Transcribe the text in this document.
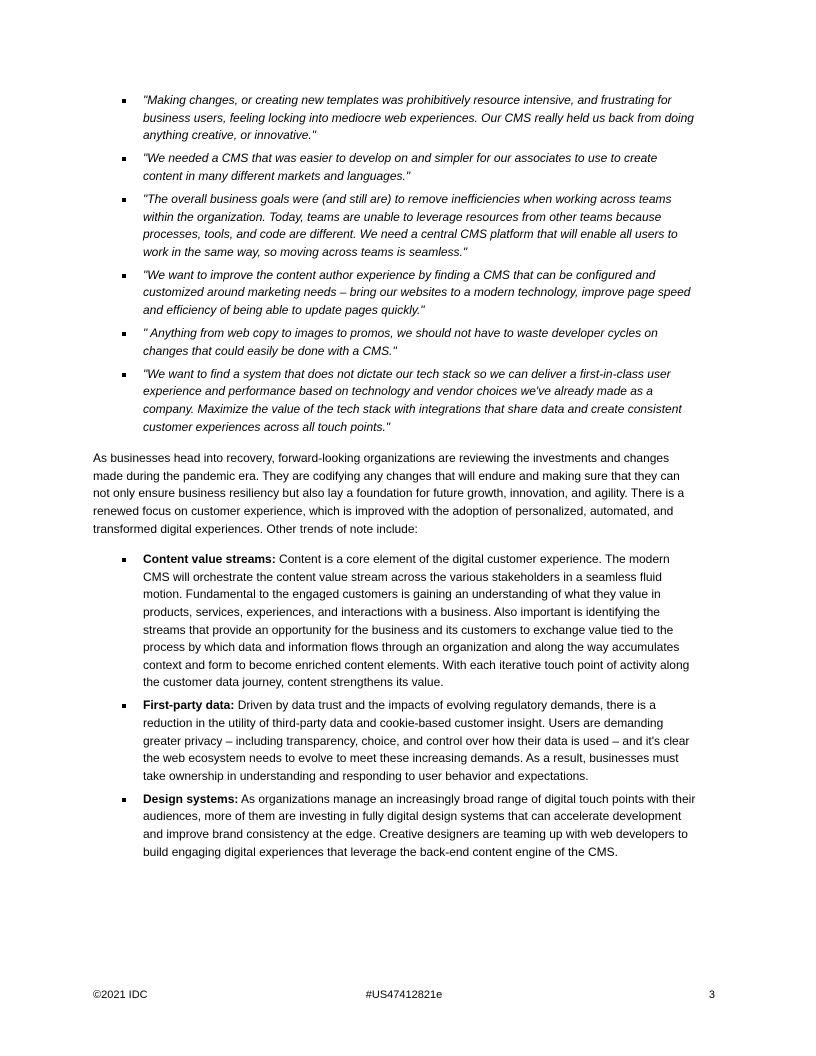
"Making changes, or creating new templates was prohibitively resource intensive, and frustrating for business users, feeling locking into mediocre web experiences. Our CMS really held us back from doing anything creative, or innovative."
"We needed a CMS that was easier to develop on and simpler for our associates to use to create content in many different markets and languages."
"The overall business goals were (and still are) to remove inefficiencies when working across teams within the organization. Today, teams are unable to leverage resources from other teams because processes, tools, and code are different. We need a central CMS platform that will enable all users to work in the same way, so moving across teams is seamless."
"We want to improve the content author experience by finding a CMS that can be configured and customized around marketing needs – bring our websites to a modern technology, improve page speed and efficiency of being able to update pages quickly."
" Anything from web copy to images to promos, we should not have to waste developer cycles on changes that could easily be done with a CMS."
"We want to find a system that does not dictate our tech stack so we can deliver a first-in-class user experience and performance based on technology and vendor choices we've already made as a company. Maximize the value of the tech stack with integrations that share data and create consistent customer experiences across all touch points."

As businesses head into recovery, forward-looking organizations are reviewing the investments and changes made during the pandemic era. They are codifying any changes that will endure and making sure that they can not only ensure business resiliency but also lay a foundation for future growth, innovation, and agility. There is a renewed focus on customer experience, which is improved with the adoption of personalized, automated, and transformed digital experiences. Other trends of note include:

Content value streams: Content is a core element of the digital customer experience. The modern CMS will orchestrate the content value stream across the various stakeholders in a seamless fluid motion. Fundamental to the engaged customers is gaining an understanding of what they value in products, services, experiences, and interactions with a business. Also important is identifying the streams that provide an opportunity for the business and its customers to exchange value tied to the process by which data and information flows through an organization and along the way accumulates context and form to become enriched content elements. With each iterative touch point of activity along the customer data journey, content strengthens its value.
First-party data: Driven by data trust and the impacts of evolving regulatory demands, there is a reduction in the utility of third-party data and cookie-based customer insight. Users are demanding greater privacy – including transparency, choice, and control over how their data is used – and it's clear the web ecosystem needs to evolve to meet these increasing demands. As a result, businesses must take ownership in understanding and responding to user behavior and expectations.
Design systems: As organizations manage an increasingly broad range of digital touch points with their audiences, more of them are investing in fully digital design systems that can accelerate development and improve brand consistency at the edge. Creative designers are teaming up with web developers to build engaging digital experiences that leverage the back-end content engine of the CMS.
©2021 IDC	#US47412821e	3
